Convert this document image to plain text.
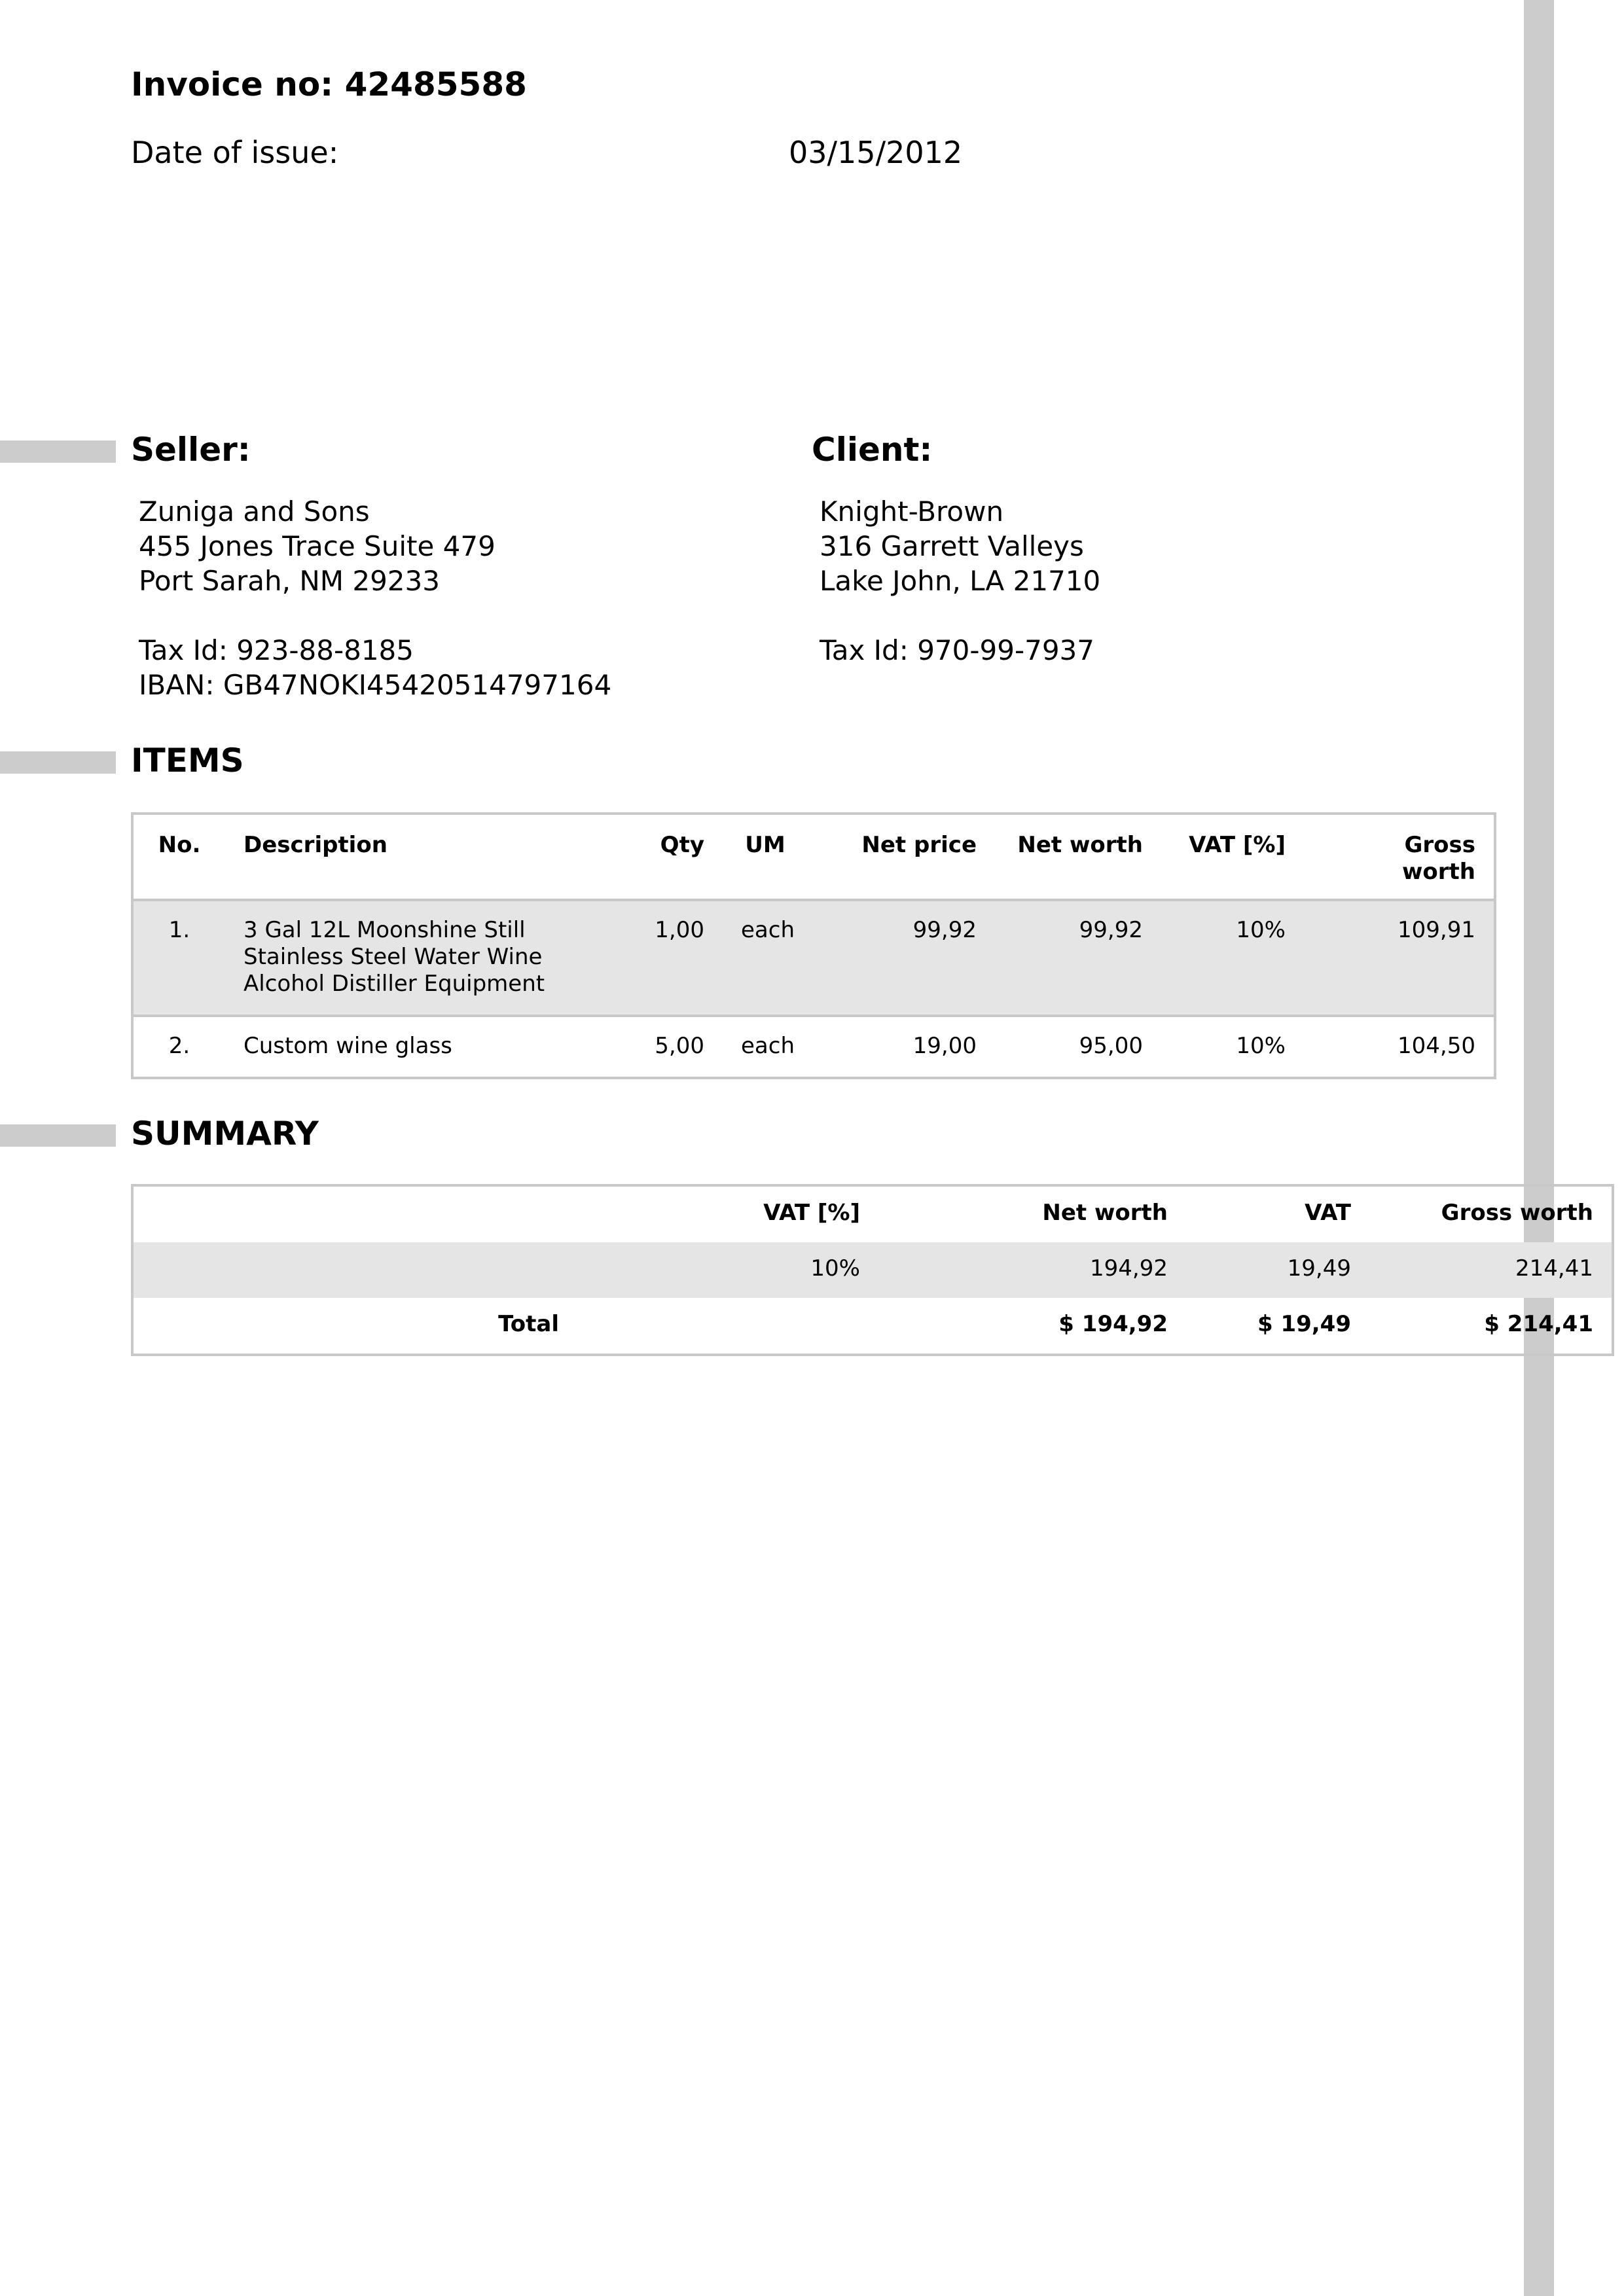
Invoice no: 42485588
Date of issue:	03/15/2012
Seller:	Client:
Zuniga and Sons
455 Jones Trace Suite 479
Port Sarah, NM 29233
Tax Id: 923-88-8185
IBAN: GB47NOKI45420514797164
Knight-Brown
316 Garrett Valleys
Lake John, LA 21710
Tax Id: 970-99-7937
ITEMS
No.	Description	Qty	UM	Net price	Net worth	VAT [%]	Gross
worth
1.	3 Gal 12L Moonshine Still
Stainless Steel Water Wine
Alcohol Distiller Equipment	1,00	each	99,92	99,92	10%	109,91
2.	Custom wine glass	5,00	each	19,00	95,00	10%	104,50
SUMMARY
	VAT [%]	Net worth	VAT	Gross worth
	10%	194,92	19,49	214,41
Total		$ 194,92	$ 19,49	$ 214,41
